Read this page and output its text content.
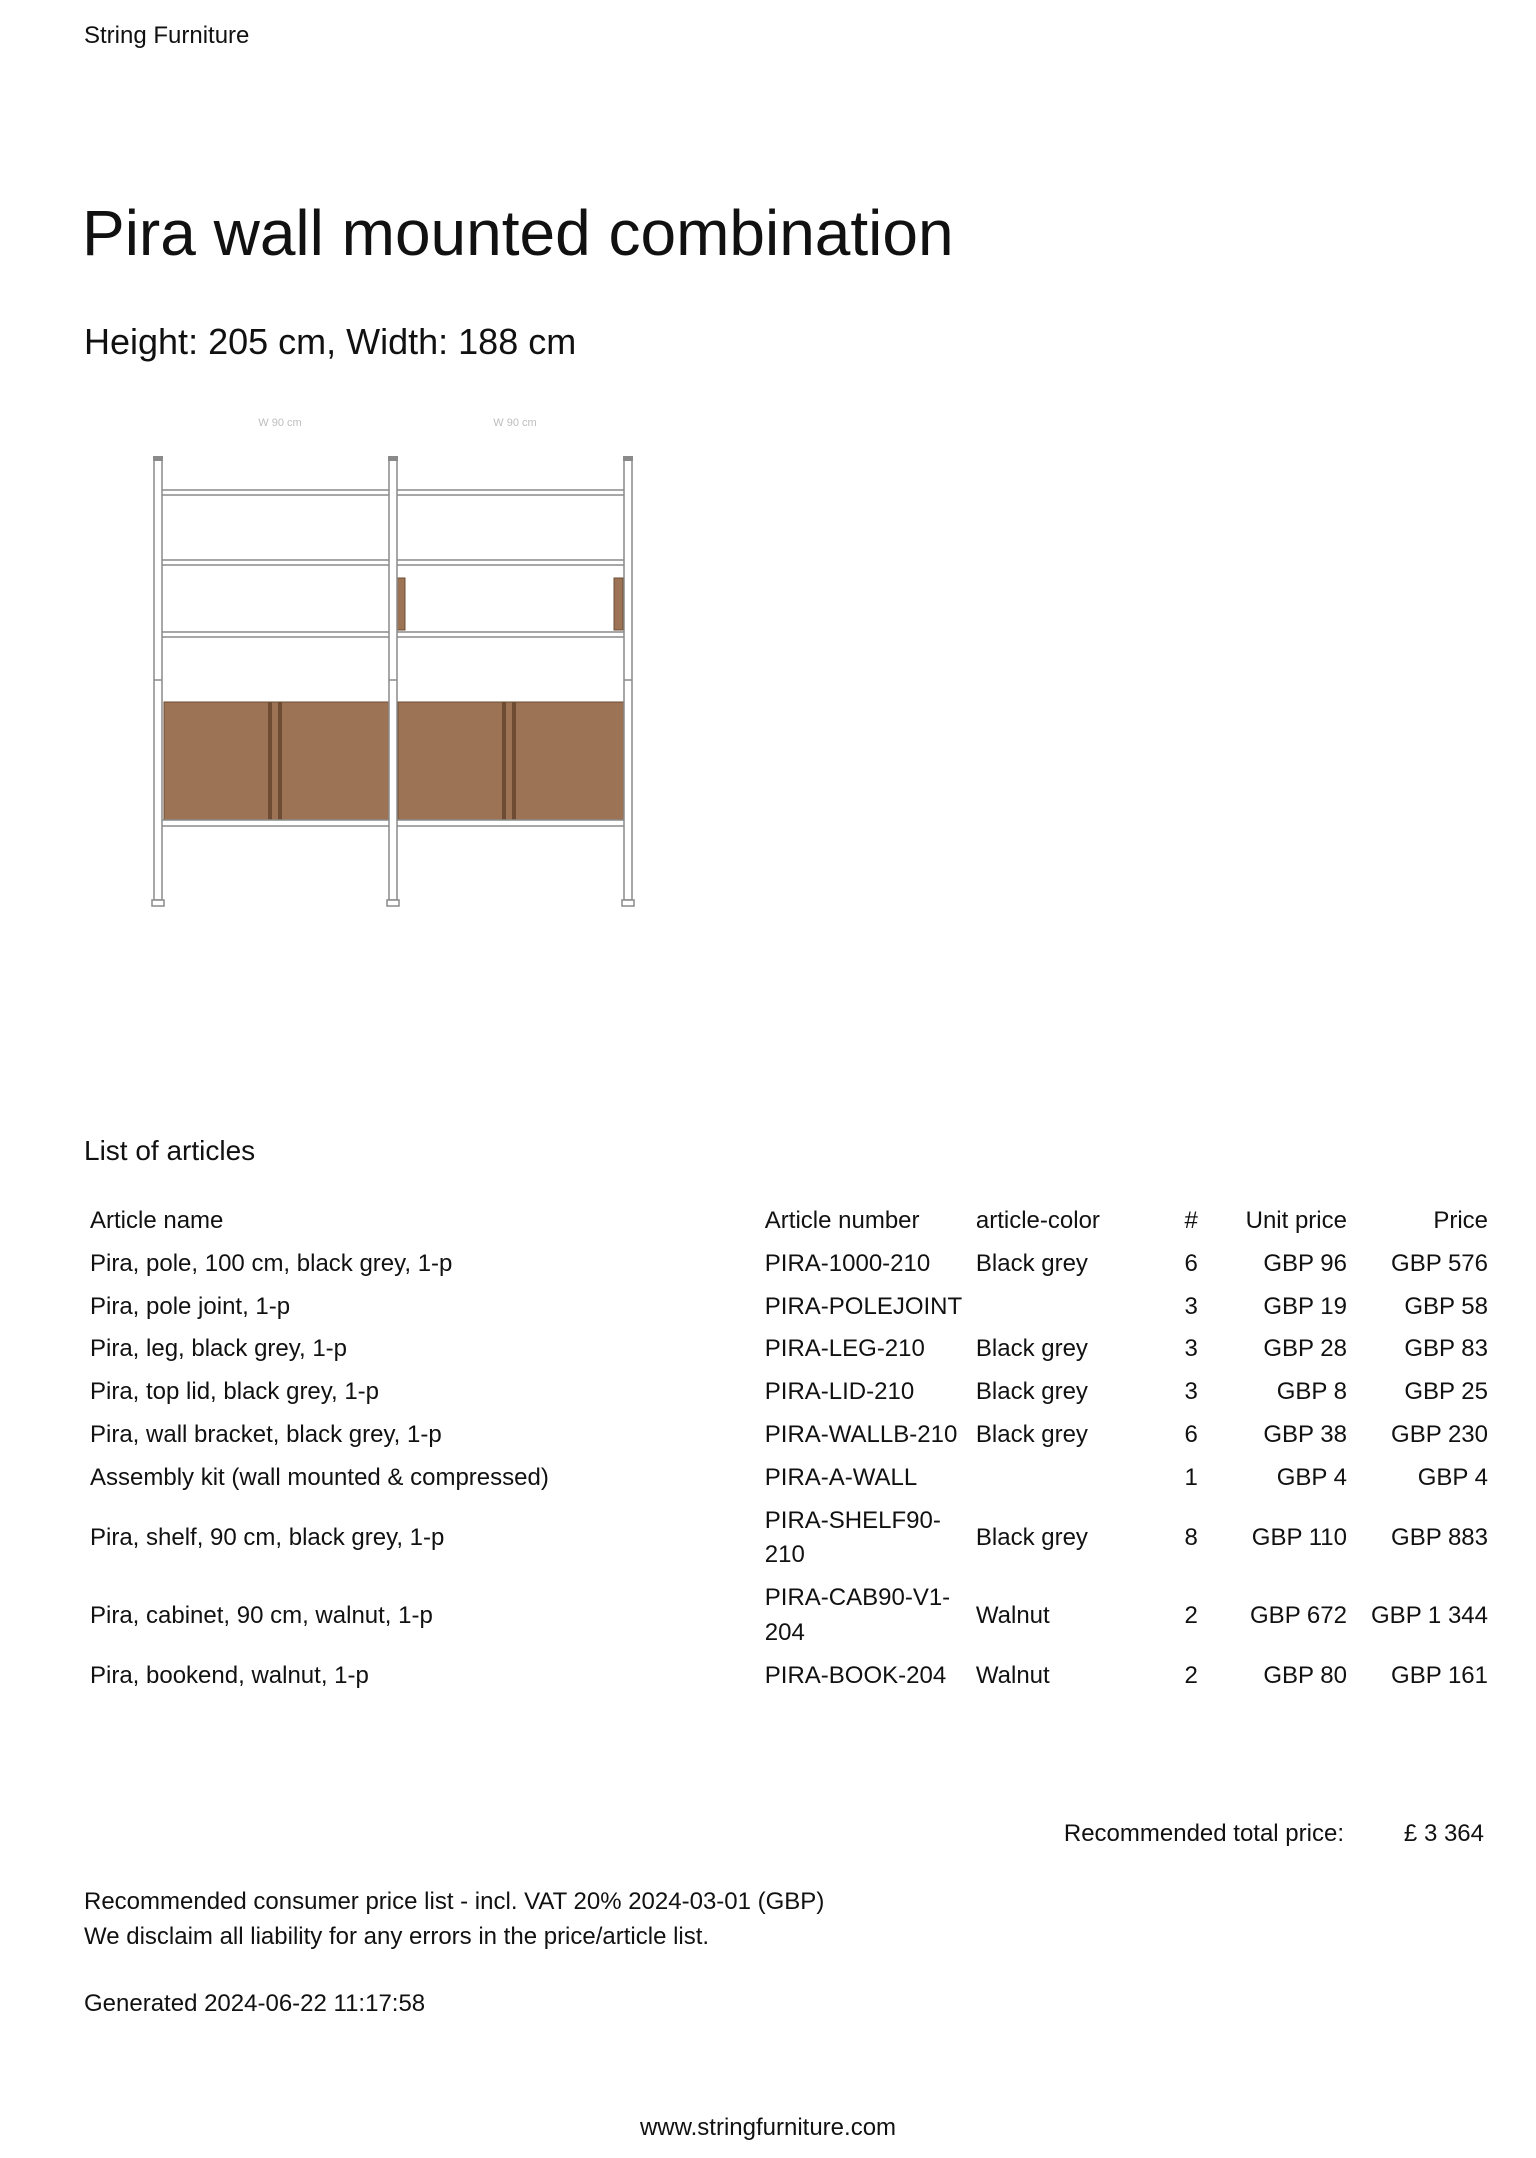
String Furniture
Pira wall mounted combination
Height: 205 cm, Width: 188 cm
W 90 cm	W 90 cm
List of articles
Article name	Article number	article-color	#	Unit price	Price
Pira, pole, 100 cm, black grey, 1-p	PIRA-1000-210	Black grey	6	GBP 96	GBP 576
Pira, pole joint, 1-p	PIRA-POLEJOINT		3	GBP 19	GBP 58
Pira, leg, black grey, 1-p	PIRA-LEG-210	Black grey	3	GBP 28	GBP 83
Pira, top lid, black grey, 1-p	PIRA-LID-210	Black grey	3	GBP 8	GBP 25
Pira, wall bracket, black grey, 1-p	PIRA-WALLB-210	Black grey	6	GBP 38	GBP 230
Assembly kit (wall mounted & compressed)	PIRA-A-WALL		1	GBP 4	GBP 4
Pira, shelf, 90 cm, black grey, 1-p	PIRA-SHELF90-210	Black grey	8	GBP 110	GBP 883
Pira, cabinet, 90 cm, walnut, 1-p	PIRA-CAB90-V1-204	Walnut	2	GBP 672	GBP 1 344
Pira, bookend, walnut, 1-p	PIRA-BOOK-204	Walnut	2	GBP 80	GBP 161
Recommended total price: £ 3 364
Recommended consumer price list - incl. VAT 20% 2024-03-01 (GBP)
We disclaim all liability for any errors in the price/article list.
Generated 2024-06-22 11:17:58
www.stringfurniture.com
